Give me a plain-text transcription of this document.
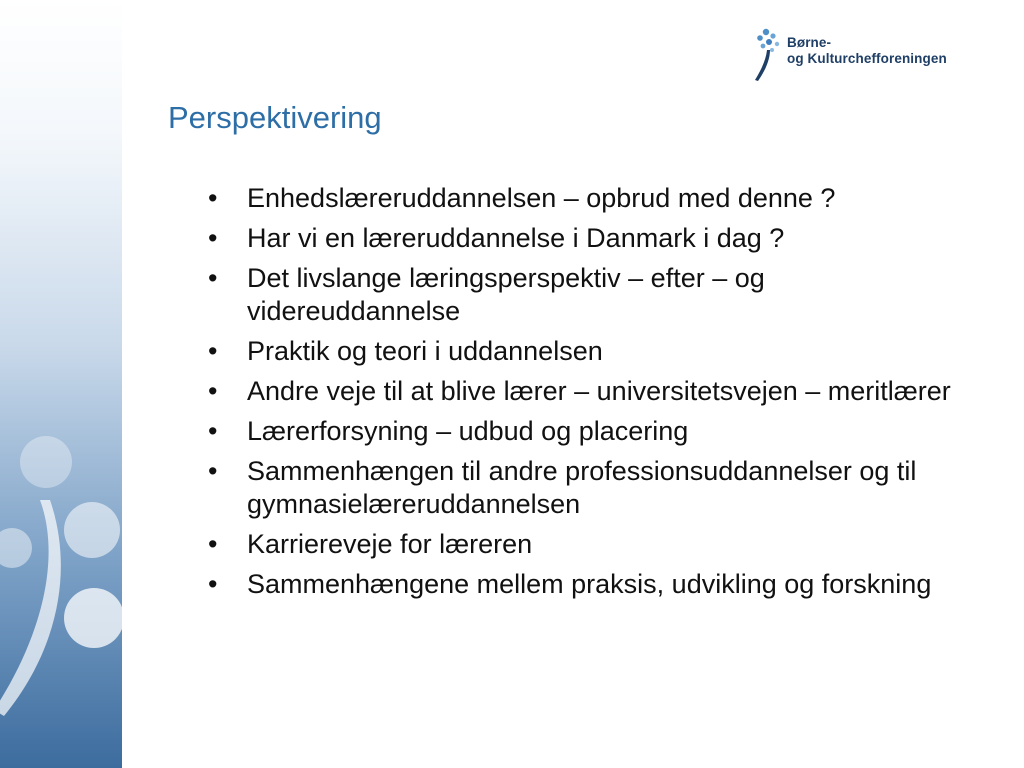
Børne-
og Kulturchefforeningen
Perspektivering
• Enhedslæreruddannelsen – opbrud med denne ?
• Har vi en læreruddannelse i Danmark i dag ?
• Det livslange læringsperspektiv – efter – og videreuddannelse
• Praktik og teori i uddannelsen
• Andre veje til at blive lærer – universitetsvejen – meritlærer
• Lærerforsyning – udbud og placering
• Sammenhængen til andre professionsuddannelser og til gymnasielæreruddannelsen
• Karriereveje for læreren
• Sammenhængene mellem praksis, udvikling og forskning
